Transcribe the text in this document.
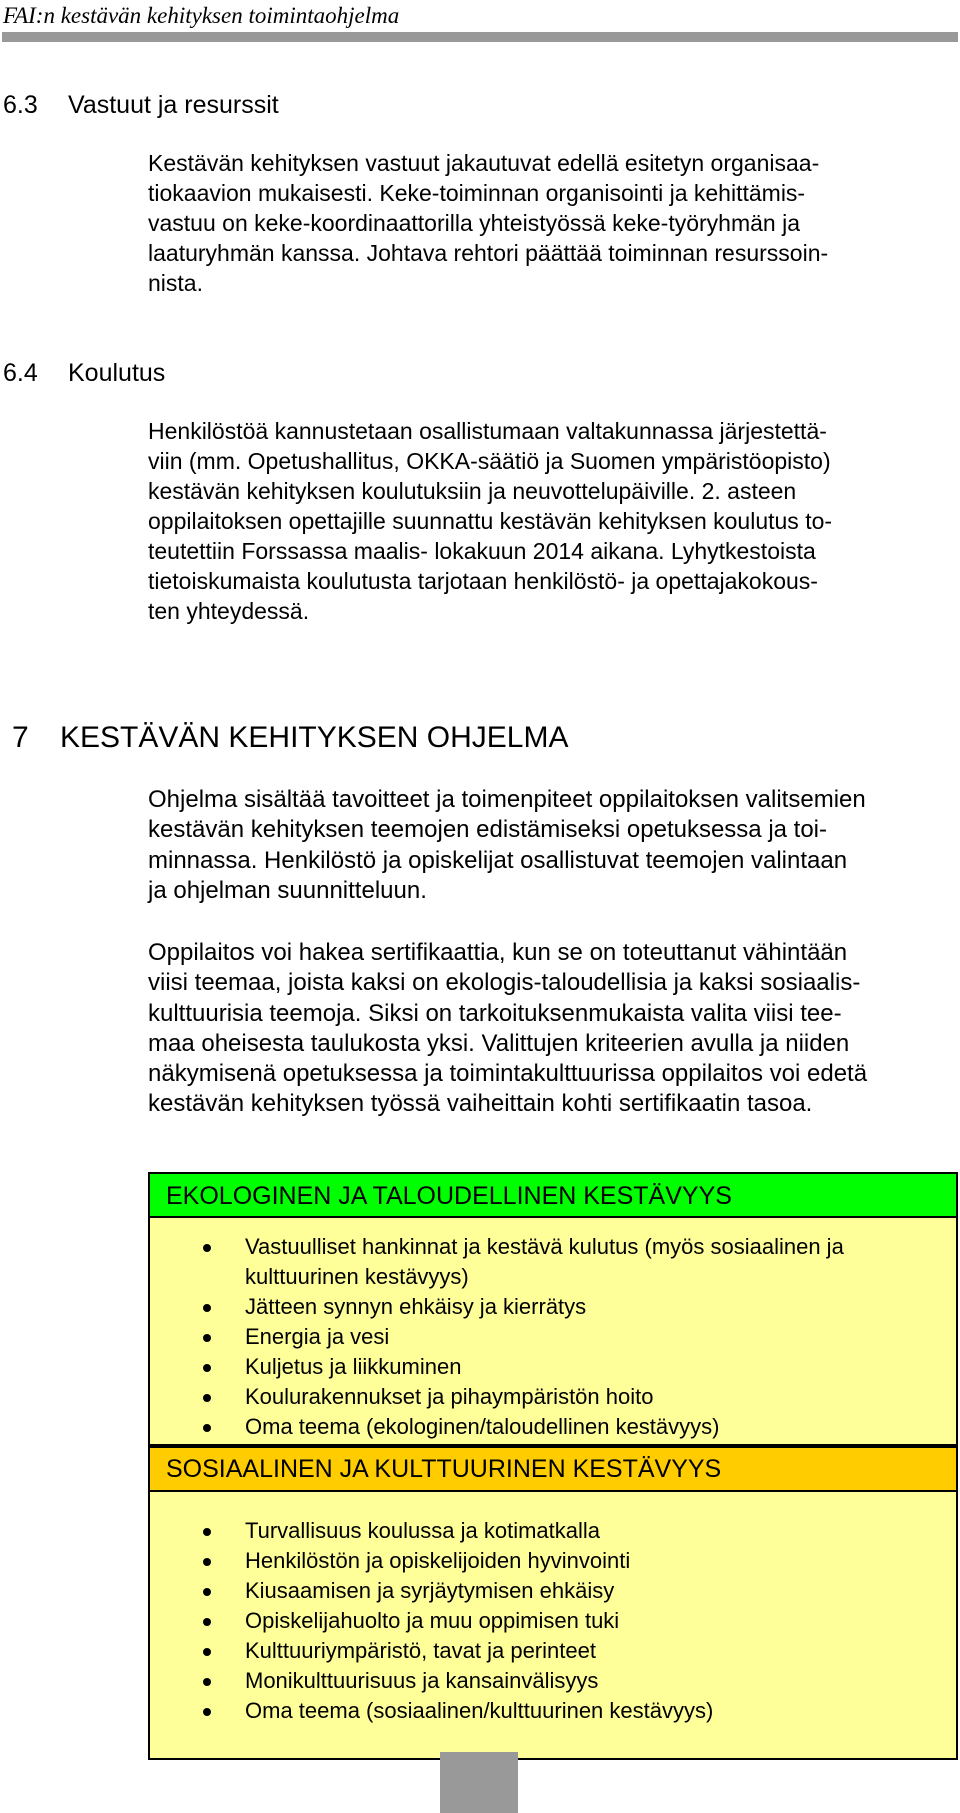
FAI:n kestävän kehityksen toimintaohjelma
6.3 Vastuut ja resurssit
Kestävän kehityksen vastuut jakautuvat edellä esitetyn organisaa-
tiokaavion mukaisesti. Keke-toiminnan organisointi ja kehittämis-
vastuu on keke-koordinaattorilla yhteistyössä keke-työryhmän ja
laaturyhmän kanssa. Johtava rehtori päättää toiminnan resurssoin-
nista.
6.4 Koulutus
Henkilöstöä kannustetaan osallistumaan valtakunnassa järjestettä-
viin (mm. Opetushallitus, OKKA-säätiö ja Suomen ympäristöopisto)
kestävän kehityksen koulutuksiin ja neuvottelupäiville. 2. asteen
oppilaitoksen opettajille suunnattu kestävän kehityksen koulutus to-
teutettiin Forssassa maalis- lokakuun 2014 aikana. Lyhytkestoista
tietoiskumaista koulutusta tarjotaan henkilöstö- ja opettajakokous-
ten yhteydessä.
7 KESTÄVÄN KEHITYKSEN OHJELMA
Ohjelma sisältää tavoitteet ja toimenpiteet oppilaitoksen valitsemien
kestävän kehityksen teemojen edistämiseksi opetuksessa ja toi-
minnassa. Henkilöstö ja opiskelijat osallistuvat teemojen valintaan
ja ohjelman suunnitteluun.
Oppilaitos voi hakea sertifikaattia, kun se on toteuttanut vähintään
viisi teemaa, joista kaksi on ekologis-taloudellisia ja kaksi sosiaalis-
kulttuurisia teemoja. Siksi on tarkoituksenmukaista valita viisi tee-
maa oheisesta taulukosta yksi. Valittujen kriteerien avulla ja niiden
näkymisenä opetuksessa ja toimintakulttuurissa oppilaitos voi edetä
kestävän kehityksen työssä vaiheittain kohti sertifikaatin tasoa.
Vastuulliset hankinnat ja kestävä kulutus (myös sosiaalinen ja kulttuurinen kestävyys)
Jätteen synnyn ehkäisy ja kierrätys
Energia ja vesi
Kuljetus ja liikkuminen
Koulurakennukset ja pihaympäristön hoito
Oma teema (ekologinen/taloudellinen kestävyys)
EKOLOGINEN JA TALOUDELLINEN KESTÄVYYS
Turvallisuus koulussa ja kotimatkalla
Henkilöstön ja opiskelijoiden hyvinvointi
Kiusaamisen ja syrjäytymisen ehkäisy
Opiskelijahuolto ja muu oppimisen tuki
Kulttuuriympäristö, tavat ja perinteet
Monikulttuurisuus ja kansainvälisyys
Oma teema (sosiaalinen/kulttuurinen kestävyys)
SOSIAALINEN JA KULTTUURINEN KESTÄVYYS
